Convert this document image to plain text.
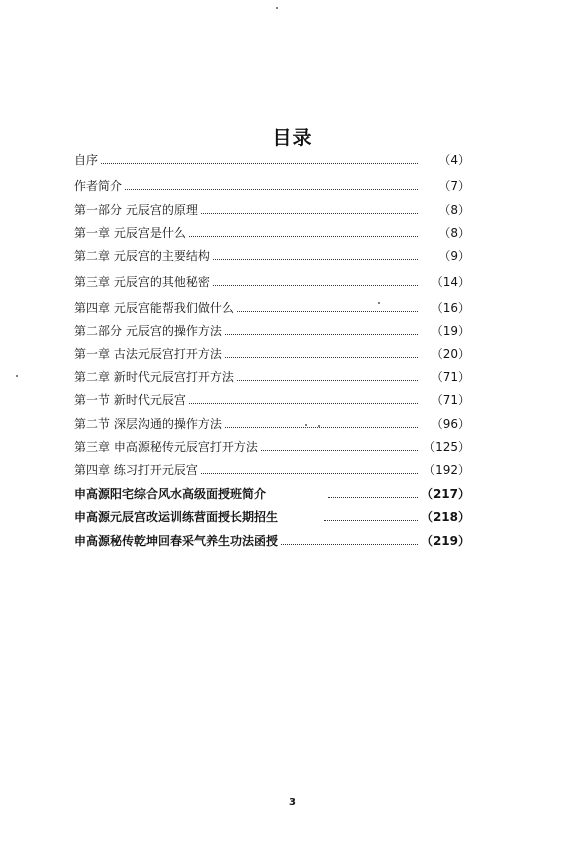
目录
自序	（4）
作者简介	（7）
第一部分 元辰宫的原理	（8）
第一章 元辰宫是什么	（8）
第二章 元辰宫的主要结构	（9）
第三章 元辰宫的其他秘密	（14）
第四章 元辰宫能帮我们做什么	（16）
第二部分 元辰宫的操作方法	（19）
第一章 古法元辰宫打开方法	（20）
第二章 新时代元辰宫打开方法	（71）
第一节 新时代元辰宫	（71）
第二节 深层沟通的操作方法	（96）
第三章 申高源秘传元辰宫打开方法	（125）
第四章 练习打开元辰宫	（192）
申高源阳宅综合风水高级面授班简介	（217）
申高源元辰宫改运训练营面授长期招生	（218）
申高源秘传乾坤回春采气养生功法函授	（219）
3
